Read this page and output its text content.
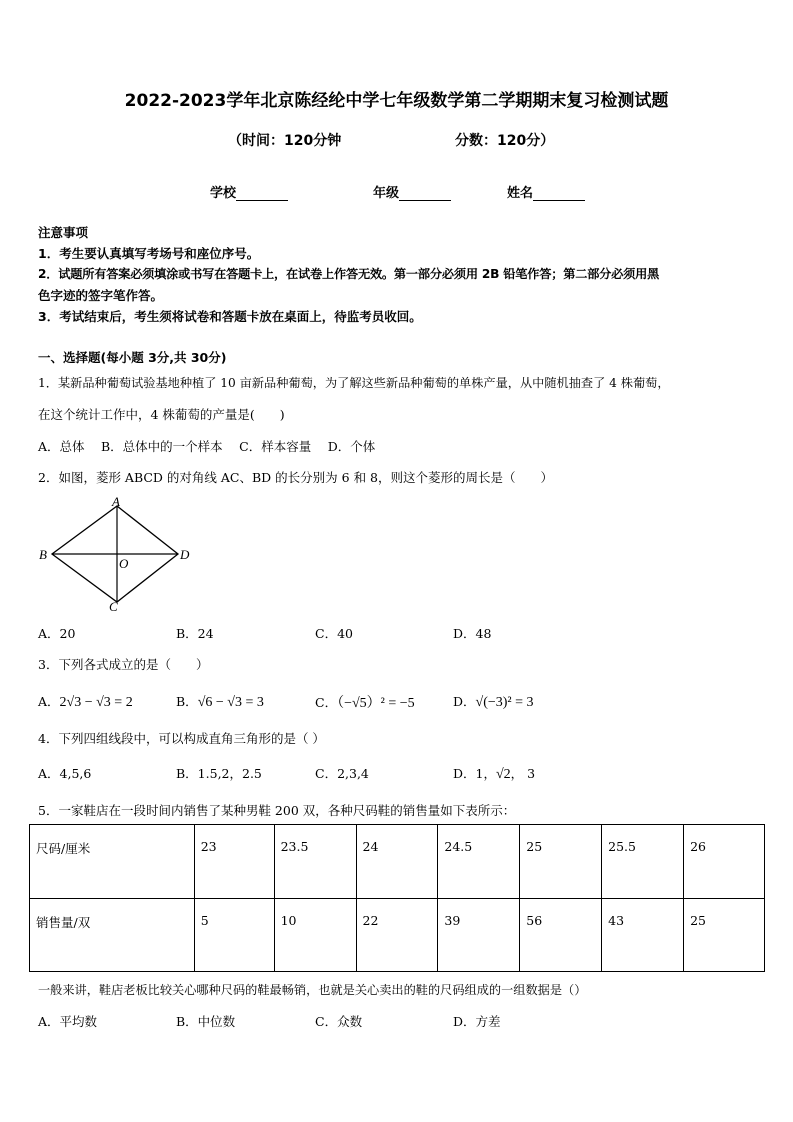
2022-2023学年北京陈经纶中学七年级数学第二学期期末复习检测试题
（时间：120分钟	分数：120分）
学校	年级	姓名
注意事项
1．考生要认真填写考场号和座位序号。
2．试题所有答案必须填涂或书写在答题卡上，在试卷上作答无效。第一部分必须用 2B 铅笔作答；第二部分必须用黑
色字迹的签字笔作答。
3．考试结束后，考生须将试卷和答题卡放在桌面上，待监考员收回。
一、选择题(每小题 3分,共 30分)
1．某新品种葡萄试验基地种植了 10 亩新品种葡萄，为了解这些新品种葡萄的单株产量，从中随机抽查了 4 株葡萄，
在这个统计工作中，4 株葡萄的产量是(　　)
A．总体　 B．总体中的一个样本　 C．样本容量　 D．个体
2．如图，菱形 ABCD 的对角线 AC、BD 的长分别为 6 和 8，则这个菱形的周长是（　　）
A
B
C
D
O
A．20	B．24	C．40	D．48
3．下列各式成立的是（　　）
A．2√3 − √3 = 2	B．√6 − √3 = 3	C．（−√5）² = −5	D．√(−3)² = 3
4．下列四组线段中，可以构成直角三角形的是（ ）
A．4,5,6	B．1.5,2，2.5	C．2,3,4	D．1，√2， 3
5．一家鞋店在一段时间内销售了某种男鞋 200 双，各种尺码鞋的销售量如下表所示：
尺码/厘米	23	23.5	24	24.5	25	25.5	26
销售量/双	5	10	22	39	56	43	25
一般来讲，鞋店老板比较关心哪种尺码的鞋最畅销，也就是关心卖出的鞋的尺码组成的一组数据是（）
A．平均数	B．中位数	C．众数	D．方差
